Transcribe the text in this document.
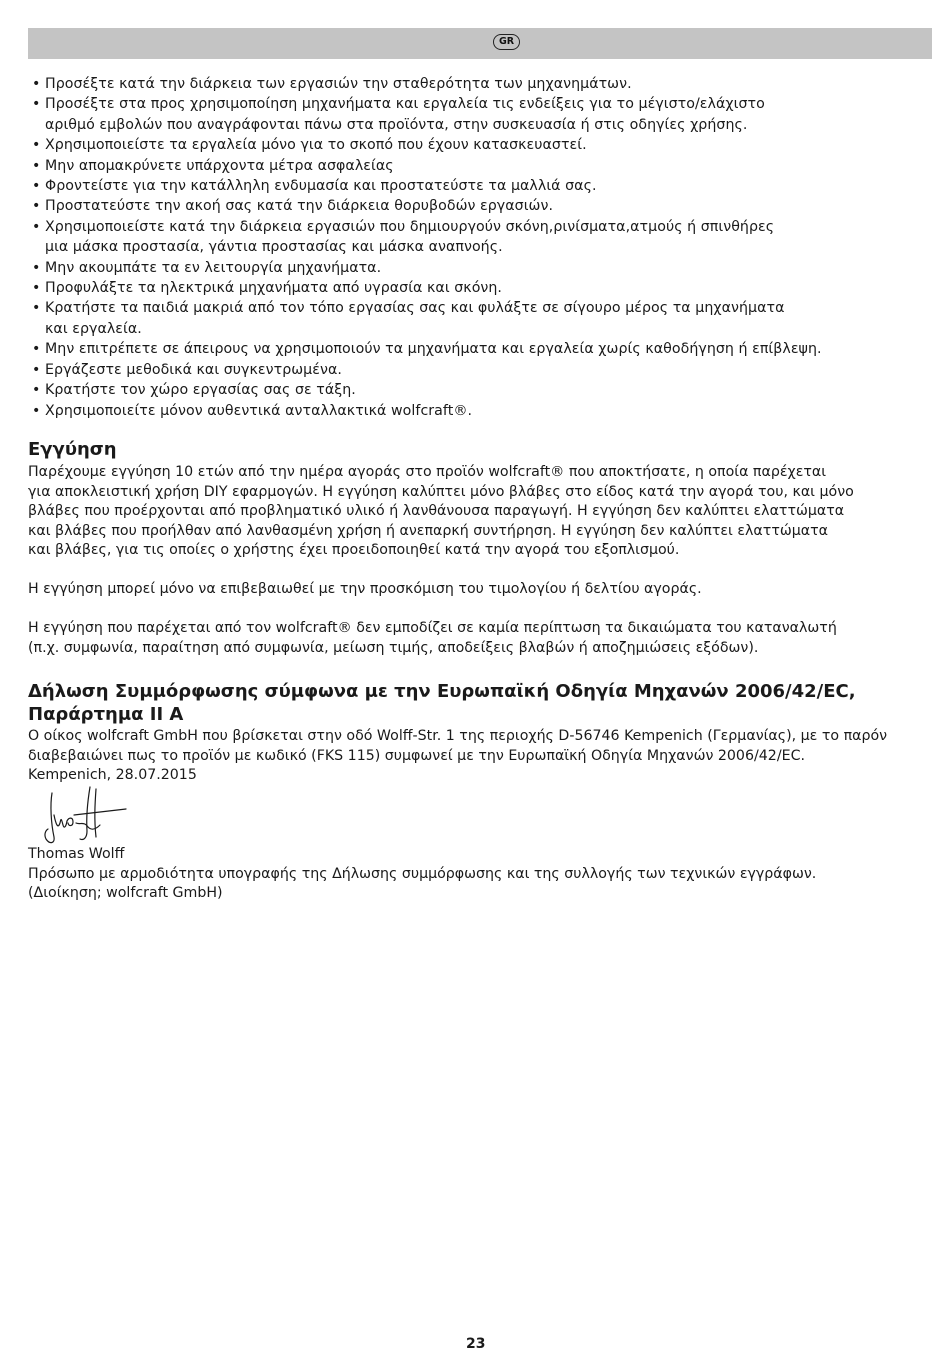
GR
• Προσέξτε κατά την διάρκεια των εργασιών την σταθερότητα των μηχανημάτων.
• Προσέξτε στα προς χρησιμοποίηση μηχανήματα και εργαλεία τις ενδείξεις για το μέγιστο/ελάχιστο
αριθμό εμβολών που αναγράφονται πάνω στα προϊόντα, στην συσκευασία ή στις οδηγίες χρήσης.
• Χρησιμοποιείστε τα εργαλεία μόνο για το σκοπό που έχουν κατασκευαστεί.
• Μην απομακρύνετε υπάρχοντα μέτρα ασφαλείας
• Φροντείστε για την κατάλληλη ενδυμασία και προστατεύστε τα μαλλιά σας.
• Προστατεύστε την ακοή σας κατά την διάρκεια θορυβοδών εργασιών.
• Χρησιμοποιείστε κατά την διάρκεια εργασιών που δημιουργούν σκόνη,ρινίσματα,ατμούς ή σπινθήρες
μια μάσκα προστασία, γάντια προστασίας και μάσκα αναπνοής.
• Μην ακουμπάτε τα εν λειτουργία μηχανήματα.
• Προφυλάξτε τα ηλεκτρικά μηχανήματα από υγρασία και σκόνη.
• Κρατήστε τα παιδιά μακριά από τον τόπο εργασίας σας και φυλάξτε σε σίγουρο μέρος τα μηχανήματα
και εργαλεία.
• Μην επιτρέπετε σε άπειρους να χρησιμοποιούν τα μηχανήματα και εργαλεία χωρίς καθοδήγηση ή επίβλεψη.
• Εργάζεστε μεθοδικά και συγκεντρωμένα.
• Κρατήστε τον χώρο εργασίας σας σε τάξη.
• Χρησιμοποιείτε μόνον αυθεντικά ανταλλακτικά wolfcraft®.
Εγγύηση

Παρέχουμε εγγύηση 10 ετών από την ημέρα αγοράς στο προϊόν wolfcraft® που αποκτήσατε, η οποία παρέχεται
για αποκλειστική χρήση DIY εφαρμογών. Η εγγύηση καλύπτει μόνο βλάβες στο είδος κατά την αγορά του, και μόνο
βλάβες που προέρχονται από προβληματικό υλικό ή λανθάνουσα παραγωγή. Η εγγύηση δεν καλύπτει ελαττώματα
και βλάβες που προήλθαν από λανθασμένη χρήση ή ανεπαρκή συντήρηση. Η εγγύηση δεν καλύπτει ελαττώματα
και βλάβες, για τις οποίες ο χρήστης έχει προειδοποιηθεί κατά την αγορά του εξοπλισμού.

Η εγγύηση μπορεί μόνο να επιβεβαιωθεί με την προσκόμιση του τιμολογίου ή δελτίου αγοράς.

Η εγγύηση που παρέχεται από τον wolfcraft® δεν εμποδίζει σε καμία περίπτωση τα δικαιώματα του καταναλωτή
(π.χ. συμφωνία, παραίτηση από συμφωνία, μείωση τιμής, αποδείξεις βλαβών ή αποζημιώσεις εξόδων).

Δήλωση Συμμόρφωσης σύμφωνα με την Ευρωπαϊκή Οδηγία Μηχανών 2006/42/EC,
Παράρτημα II A

Ο οίκος wolfcraft GmbH που βρίσκεται στην οδό Wolff-Str. 1 της περιοχής D-56746 Kempenich (Γερμανίας), με το παρόν
διαβεβαιώνει πως το προϊόν με κωδικό (FKS 115) συμφωνεί με την Ευρωπαϊκή Οδηγία Μηχανών 2006/42/EC.
Kempenich, 28.07.2015

Thomas Wolff
Πρόσωπο με αρμοδιότητα υπογραφής της Δήλωσης συμμόρφωσης και της συλλογής των τεχνικών εγγράφων.
(Διοίκηση; wolfcraft GmbH)

23
